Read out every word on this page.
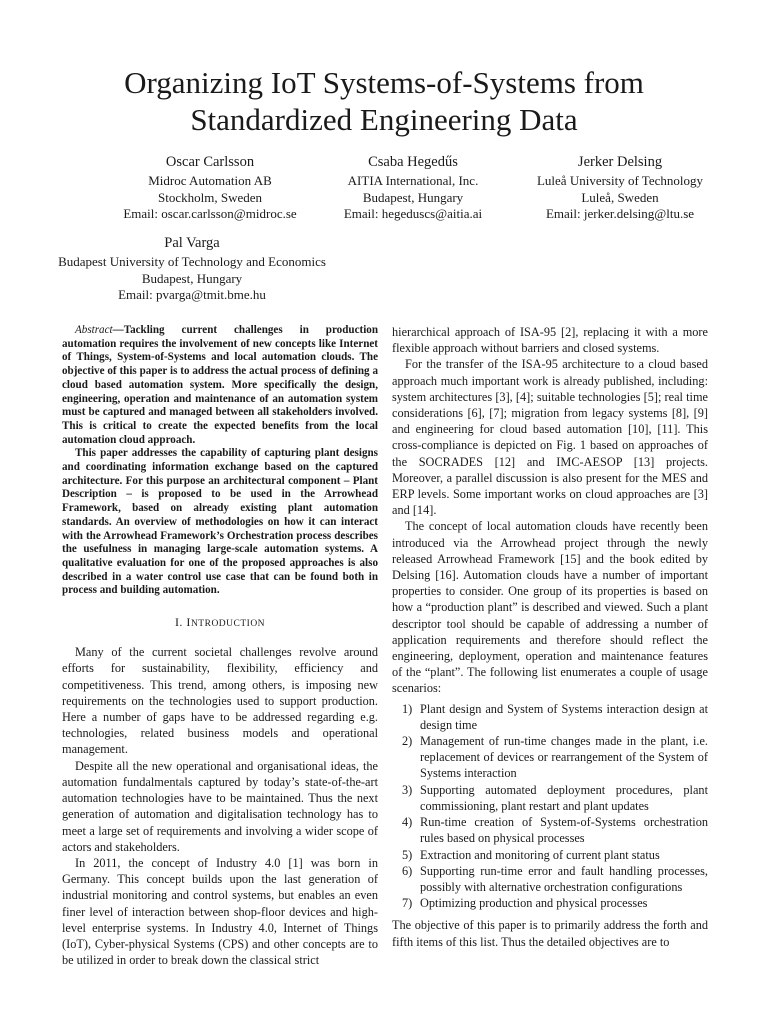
Organizing IoT Systems-of-Systems from
Standardized Engineering Data
Oscar Carlsson
Midroc Automation AB
Stockholm, Sweden
Email: oscar.carlsson@midroc.se
Csaba Hegedűs
AITIA International, Inc.
Budapest, Hungary
Email: hegeduscs@aitia.ai
Jerker Delsing
Luleå University of Technology
Luleå, Sweden
Email: jerker.delsing@ltu.se
Pal Varga
Budapest University of Technology and Economics
Budapest, Hungary
Email: pvarga@tmit.bme.hu

Abstract—Tackling current challenges in production automation requires the involvement of new concepts like Internet of Things, System-of-Systems and local automation clouds. The objective of this paper is to address the actual process of defining a cloud based automation system. More specifically the design, engineering, operation and maintenance of an automation system must be captured and managed between all stakeholders involved. This is critical to create the expected benefits from the local automation cloud approach.

This paper addresses the capability of capturing plant designs and coordinating information exchange based on the captured architecture. For this purpose an architectural component – Plant Description – is proposed to be used in the Arrowhead Framework, based on already existing plant automation standards. An overview of methodologies on how it can interact with the Arrowhead Framework’s Orchestration process describes the usefulness in managing large-scale automation systems. A qualitative evaluation for one of the proposed approaches is also described in a water control use case that can be found both in process and building automation.

I. INTRODUCTION

Many of the current societal challenges revolve around efforts for sustainability, flexibility, efficiency and competitiveness. This trend, among others, is imposing new requirements on the technologies used to support production. Here a number of gaps have to be addressed regarding e.g. technologies, related business models and operational management.

Despite all the new operational and organisational ideas, the automation fundalmentals captured by today’s state-of-the-art automation technologies have to be maintained. Thus the next generation of automation and digitalisation technology has to meet a large set of requirements and involving a wider scope of actors and stakeholders.

In 2011, the concept of Industry 4.0 [1] was born in Germany. This concept builds upon the last generation of industrial monitoring and control systems, but enables an even finer level of interaction between shop-floor devices and high-level enterprise systems. In Industry 4.0, Internet of Things (IoT), Cyber-physical Systems (CPS) and other concepts are to be utilized in order to break down the classical strict

hierarchical approach of ISA-95 [2], replacing it with a more flexible approach without barriers and closed systems.

For the transfer of the ISA-95 architecture to a cloud based approach much important work is already published, including: system architectures [3], [4]; suitable technologies [5]; real time considerations [6], [7]; migration from legacy systems [8], [9] and engineering for cloud based automation [10], [11]. This cross-compliance is depicted on Fig. 1 based on approaches of the SOCRADES [12] and IMC-AESOP [13] projects. Moreover, a parallel discussion is also present for the MES and ERP levels. Some important works on cloud approaches are [3] and [14].

The concept of local automation clouds have recently been introduced via the Arrowhead project through the newly released Arrowhead Framework [15] and the book edited by Delsing [16]. Automation clouds have a number of important properties to consider. One group of its properties is based on how a “production plant” is described and viewed. Such a plant descriptor tool should be capable of addressing a number of application requirements and therefore should reflect the engineering, deployment, operation and maintenance features of the “plant”. The following list enumerates a couple of usage scenarios:

1) Plant design and System of Systems interaction design at design time
2) Management of run-time changes made in the plant, i.e. replacement of devices or rearrangement of the System of Systems interaction
3) Supporting automated deployment procedures, plant commissioning, plant restart and plant updates
4) Run-time creation of System-of-Systems orchestration rules based on physical processes
5) Extraction and monitoring of current plant status
6) Supporting run-time error and fault handling processes, possibly with alternative orchestration configurations
7) Optimizing production and physical processes

The objective of this paper is to primarily address the forth and fifth items of this list. Thus the detailed objectives are to
